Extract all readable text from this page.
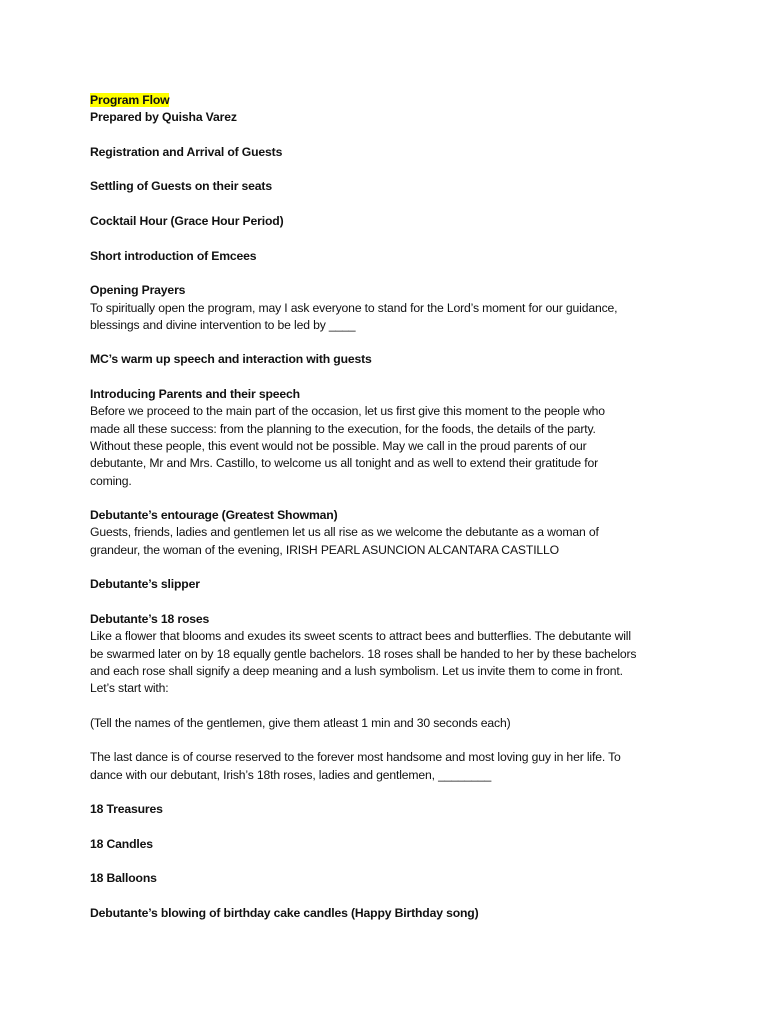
Program Flow
Prepared by Quisha Varez
Registration and Arrival of Guests
Settling of Guests on their seats
Cocktail Hour (Grace Hour Period)
Short introduction of Emcees
Opening Prayers
To spiritually open the program, may I ask everyone to stand for the Lord’s moment for our guidance,
blessings and divine intervention to be led by ____
MC’s warm up speech and interaction with guests
Introducing Parents and their speech
Before we proceed to the main part of the occasion, let us first give this moment to the people who
made all these success: from the planning to the execution, for the foods, the details of the party.
Without these people, this event would not be possible. May we call in the proud parents of our
debutante, Mr and Mrs. Castillo, to welcome us all tonight and as well to extend their gratitude for
coming.
Debutante’s entourage (Greatest Showman)
Guests, friends, ladies and gentlemen let us all rise as we welcome the debutante as a woman of
grandeur, the woman of the evening, IRISH PEARL ASUNCION ALCANTARA CASTILLO
Debutante’s slipper
Debutante’s 18 roses
Like a flower that blooms and exudes its sweet scents to attract bees and butterflies. The debutante will
be swarmed later on by 18 equally gentle bachelors. 18 roses shall be handed to her by these bachelors
and each rose shall signify a deep meaning and a lush symbolism. Let us invite them to come in front.
Let’s start with:
(Tell the names of the gentlemen, give them atleast 1 min and 30 seconds each)
The last dance is of course reserved to the forever most handsome and most loving guy in her life. To
dance with our debutant, Irish’s 18th roses, ladies and gentlemen, ________
18 Treasures
18 Candles
18 Balloons
Debutante’s blowing of birthday cake candles (Happy Birthday song)
